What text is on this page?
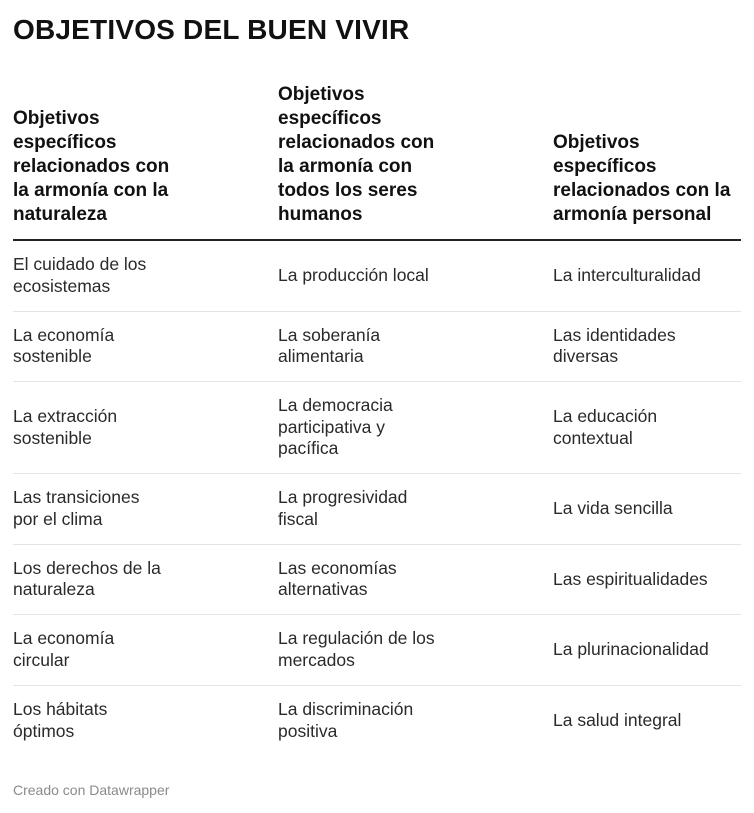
OBJETIVOS DEL BUEN VIVIR
Objetivos
específicos
relacionados con
la armonía con la
naturaleza
Objetivos
específicos
relacionados con
la armonía con
todos los seres
humanos
Objetivos
específicos
relacionados con la
armonía personal
El cuidado de los
ecosistemas
La producción local	La interculturalidad
La economía
sostenible
La soberanía
alimentaria
Las identidades
diversas
La extracción
sostenible
La democracia
participativa y
pacífica
La educación
contextual
Las transiciones
por el clima
La progresividad
fiscal
La vida sencilla
Los derechos de la
naturaleza
Las economías
alternativas
Las espiritualidades
La economía
circular
La regulación de los
mercados
La plurinacionalidad
Los hábitats
óptimos
La discriminación
positiva
La salud integral
Creado con Datawrapper
